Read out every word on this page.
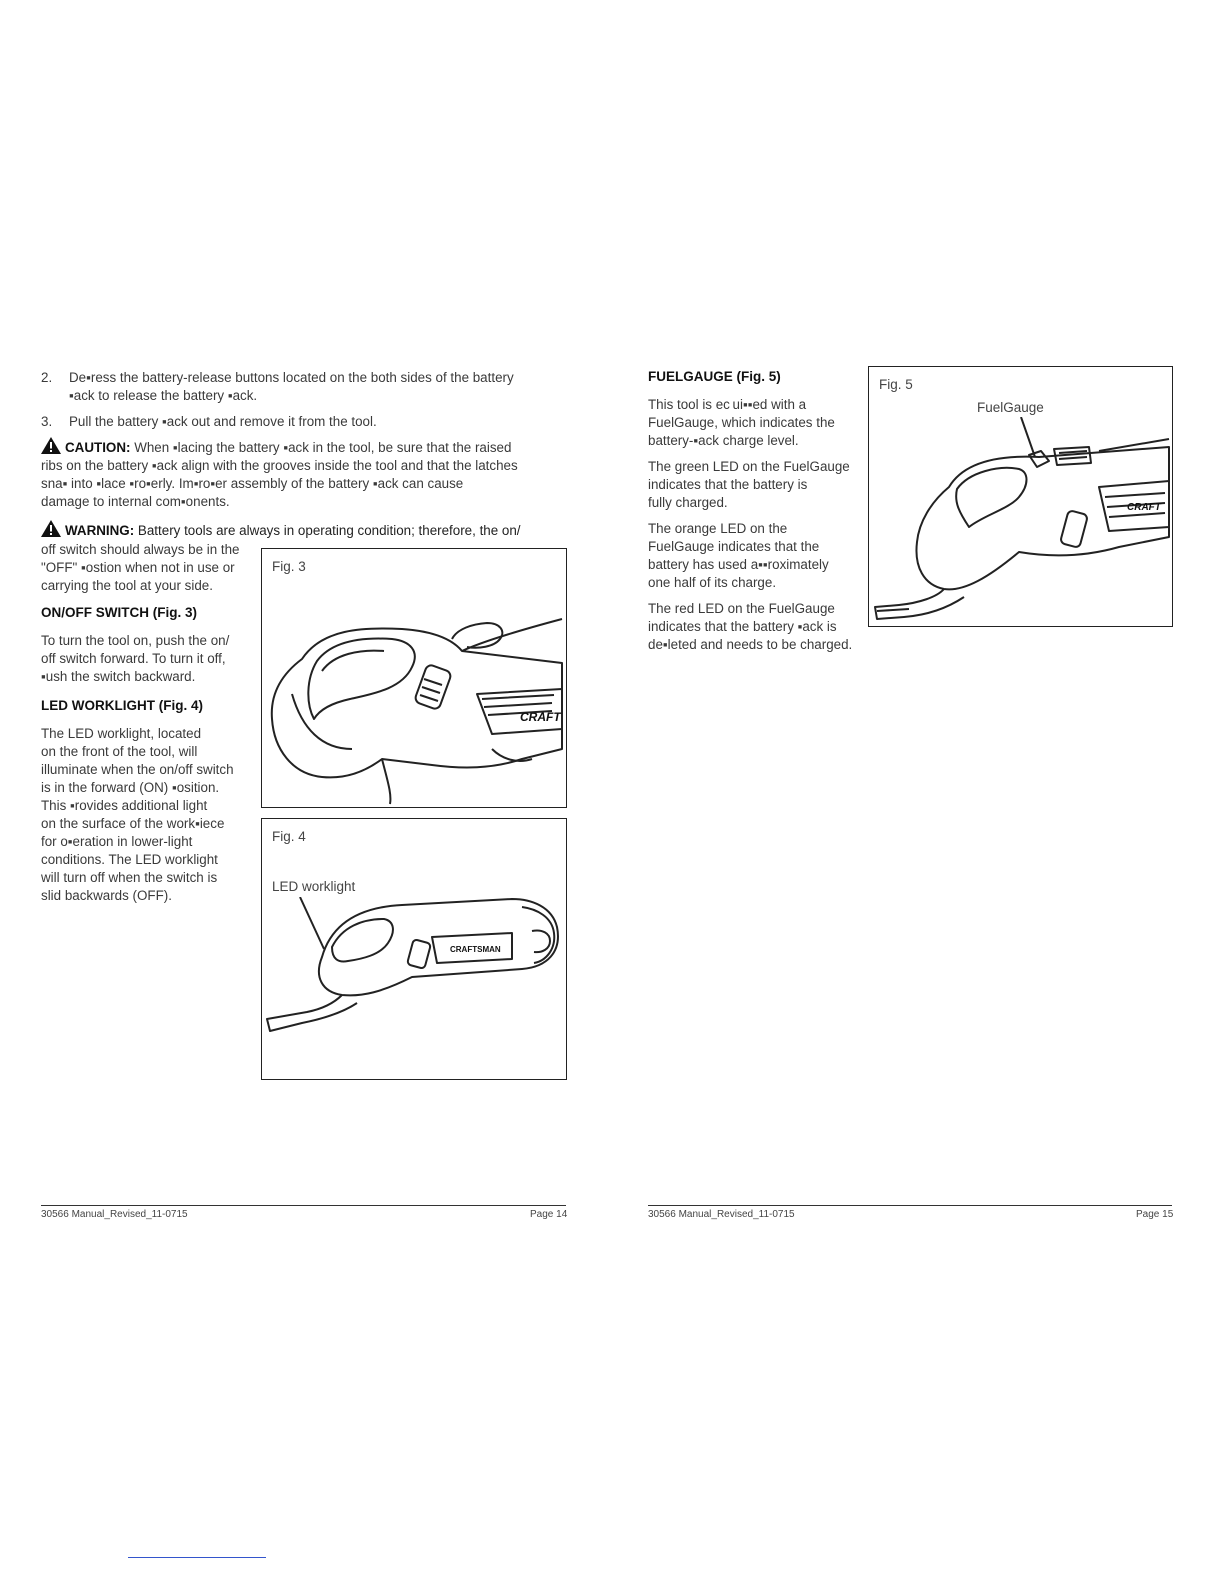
2. De▪ress the battery-release buttons located on the both sides of the battery

▪ack to release the battery ▪ack.

3. Pull the battery ▪ack out and remove it from the tool.

CAUTION: When ▪lacing the battery ▪ack in the tool, be sure that the raised

ribs on the battery ▪ack align with the grooves inside the tool and that the latches

sna▪ into ▪lace ▪ro▪erly. Im▪ro▪er assembly of the battery ▪ack can cause

damage to internal com▪onents.

WARNING: Battery tools are always in operating condition; therefore, the on/

off switch should always be in the

"OFF" ▪ostion when not in use or

carrying the tool at your side.

ON/OFF SWITCH (Fig. 3)

To turn the tool on, push the on/

off switch forward. To turn it off,

▪ush the switch backward.

LED WORKLIGHT (Fig. 4)

The LED worklight, located

on the front of the tool, will

illuminate when the on/off switch

is in the forward (ON) ▪osition.

This ▪rovides additional light

on the surface of the work▪iece

for o▪eration in lower-light

conditions. The LED worklight

will turn off when the switch is

slid backwards (OFF).

Fig. 3
CRAFT
Fig. 4
LED worklight
CRAFTSMAN
30566 Manual_Revised_11-0715	Page 14

FUELGAUGE (Fig. 5)

This tool is ec ui▪▪ed with a

FuelGauge, which indicates the

battery-▪ack charge level.

The green LED on the FuelGauge

indicates that the battery is

fully charged.

The orange LED on the

FuelGauge indicates that the

battery has used a▪▪roximately

one half of its charge.

The red LED on the FuelGauge

indicates that the battery ▪ack is

de▪leted and needs to be charged.

Fig. 5
FuelGauge
CRAFT
30566 Manual_Revised_11-0715	Page 15
